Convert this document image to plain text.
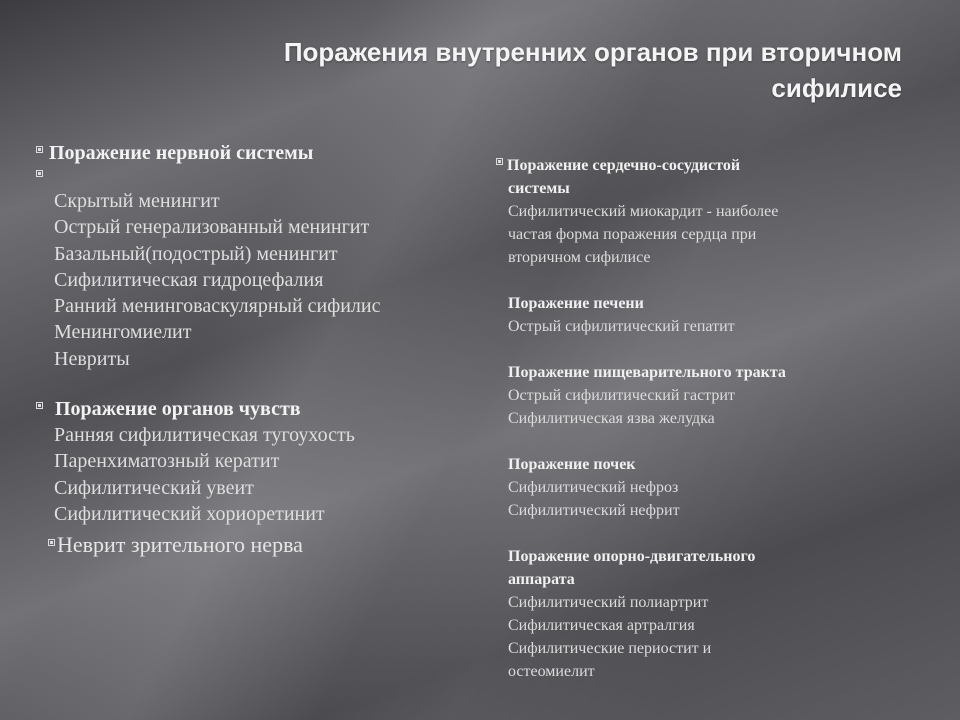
Поражения внутренних органов при вторичном
сифилисе
Поражение нервной системы
Скрытый менингит
Острый генерализованный менингит
Базальный(подострый) менингит
Сифилитическая гидроцефалия
Ранний менинговаскулярный сифилис
Менингомиелит
Невриты
Поражение органов чувств
Ранняя сифилитическая тугоухость
Паренхиматозный кератит
Сифилитический увеит
Сифилитический хориоретинит
Неврит зрительного нерва
Поражение сердечно-сосудистой
системы
Сифилитический миокардит - наиболее
частая форма поражения сердца при
вторичном сифилисе
Поражение печени
Острый сифилитический гепатит
Поражение пищеварительного тракта
Острый сифилитический гастрит
Сифилитическая язва желудка
Поражение почек
Сифилитический нефроз
Сифилитический нефрит
Поражение опорно-двигательного
аппарата
Сифилитический полиартрит
Сифилитическая артралгия
Сифилитические периостит и
остеомиелит
